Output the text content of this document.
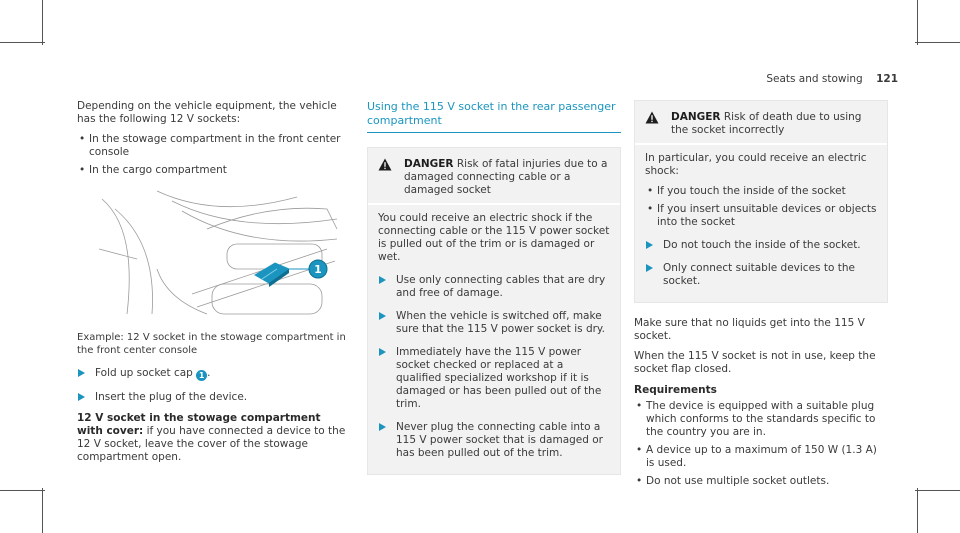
Seats and stowing 121

Depending on the vehicle equipment, the vehicle has the following 12 V sockets:

• In the stowage compartment in the front center console
• In the cargo compartment
1
Example: 12 V socket in the stowage compartment in the front center console
Fold up socket cap 1 .
Insert the plug of the device.

12 V socket in the stowage compartment with cover: if you have connected a device to the 12 V socket, leave the cover of the stowage compartment open.

Using the 115 V socket in the rear passenger compartment
DANGER Risk of fatal injuries due to a damaged connecting cable or a damaged socket

You could receive an electric shock if the connecting cable or the 115 V power socket is pulled out of the trim or is damaged or wet.

Use only connecting cables that are dry and free of damage.
When the vehicle is switched off, make sure that the 115 V power socket is dry.
Immediately have the 115 V power socket checked or replaced at a qualified specialized workshop if it is damaged or has been pulled out of the trim.
Never plug the connecting cable into a 115 V power socket that is damaged or has been pulled out of the trim.
DANGER Risk of death due to using the socket incorrectly

In particular, you could receive an electric shock:

• If you touch the inside of the socket
• If you insert unsuitable devices or objects into the socket
Do not touch the inside of the socket.
Only connect suitable devices to the socket.

Make sure that no liquids get into the 115 V socket.

When the 115 V socket is not in use, keep the socket flap closed.

Requirements
• The device is equipped with a suitable plug which conforms to the standards specific to the country you are in.
• A device up to a maximum of 150 W (1.3 A) is used.
• Do not use multiple socket outlets.
